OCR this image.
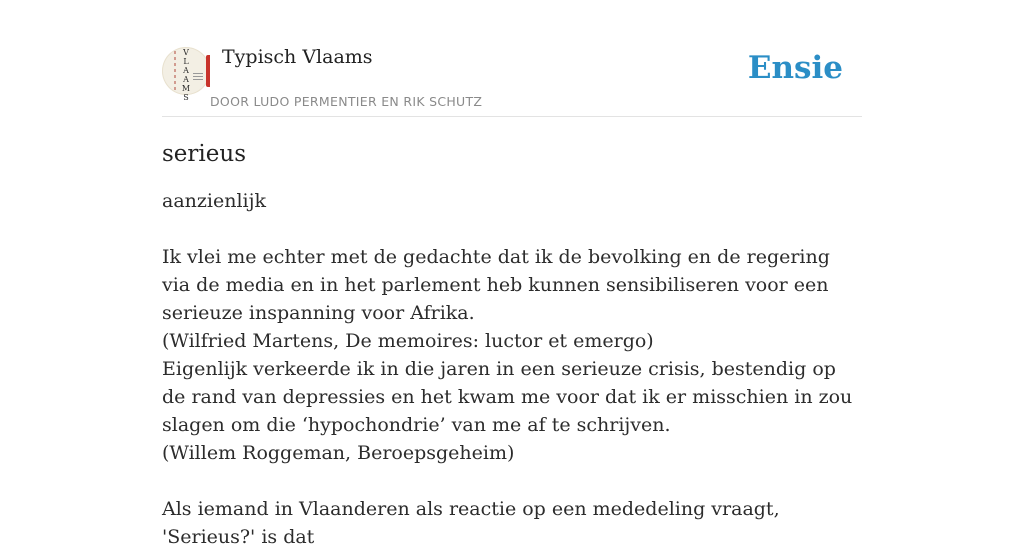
V
L
A
A
M
S
Typisch Vlaams
DOOR LUDO PERMENTIER EN RIK SCHUTZ
Ensie
serieus

aanzienlijk

Ik vlei me echter met de gedachte dat ik de bevolking en de regering via de media en in het parlement heb kunnen sensibiliseren voor een serieuze inspanning voor Afrika.
(Wilfried Martens, De memoires: luctor et emergo)
Eigenlijk verkeerde ik in die jaren in een serieuze crisis, bestendig op de rand van depressies en het kwam me voor dat ik er misschien in zou slagen om die ‘hypochondrie’ van me af te schrijven.
(Willem Roggeman, Beroepsgeheim)

Als iemand in Vlaanderen als reactie op een mededeling vraagt, 'Serieus?' is dat
